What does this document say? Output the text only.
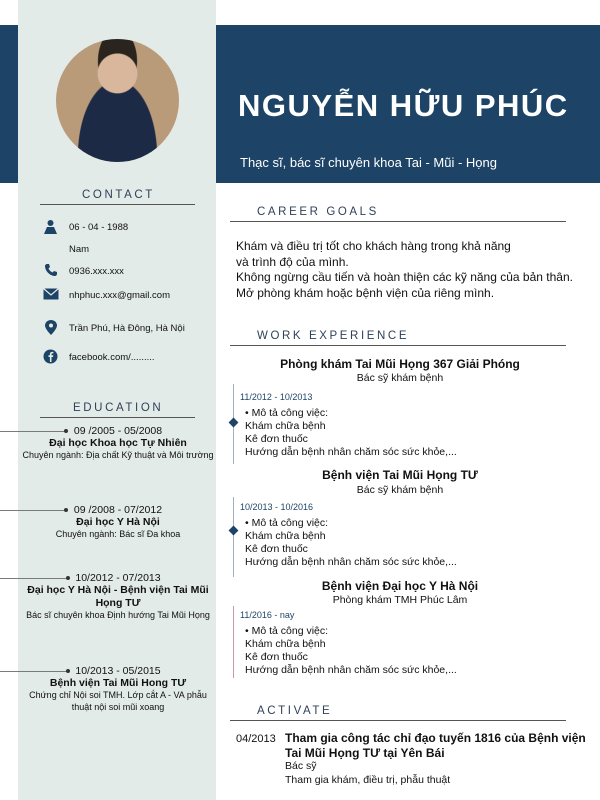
NGUYỄN HỮU PHÚC
Thạc sĩ, bác sĩ chuyên khoa Tai - Mũi - Họng
CONTACT
06 - 04 - 1988
Nam
0936.xxx.xxx
nhphuc.xxx@gmail.com
Trần Phú, Hà Đông, Hà Nội
facebook.com/.........
EDUCATION
09 /2005 - 05/2008
Đại học Khoa học Tự Nhiên
Chuyên ngành: Địa chất Kỹ thuật và Môi trường
09 /2008 - 07/2012
Đại học Y Hà Nội
Chuyên ngành: Bác sĩ Đa khoa
10/2012 - 07/2013
Đại học Y Hà Nội - Bệnh viện Tai Mũi Họng TƯ
Bác sĩ chuyên khoa Định hướng Tai Mũi Họng
10/2013 - 05/2015
Bệnh viện Tai Mũi Hong TƯ
Chứng chỉ Nội soi TMH. Lớp cắt A - VA phẫu thuật nội soi mũi xoang
CAREER GOALS
Khám và điều trị tốt cho khách hàng trong khả năng
và trình độ của mình.
Không ngừng cầu tiến và hoàn thiện các kỹ năng của bản thân.
Mở phòng khám hoặc bệnh viện của riêng mình.
WORK EXPERIENCE
Phòng khám Tai Mũi Họng 367 Giải Phóng
Bác sỹ khám bệnh
11/2012 - 10/2013
• Mô tả công việc:
Khám chữa bệnh
Kê đơn thuốc
Hướng dẫn bệnh nhân chăm sóc sức khỏe,...
Bệnh viện Tai Mũi Họng TƯ
Bác sỹ khám bệnh
10/2013 - 10/2016
• Mô tả công việc:
Khám chữa bệnh
Kê đơn thuốc
Hướng dẫn bệnh nhân chăm sóc sức khỏe,...
Bệnh viện Đại học Y Hà Nội
Phòng khám TMH Phúc Lâm
11/2016 - nay
• Mô tả công việc:
Khám chữa bệnh
Kê đơn thuốc
Hướng dẫn bệnh nhân chăm sóc sức khỏe,...
ACTIVATE
04/2013 Tham gia công tác chỉ đạo tuyến 1816 của Bệnh viện Tai Mũi Họng TƯ tại Yên Bái
Bác sỹ
Tham gia khám, điều trị, phẫu thuật
